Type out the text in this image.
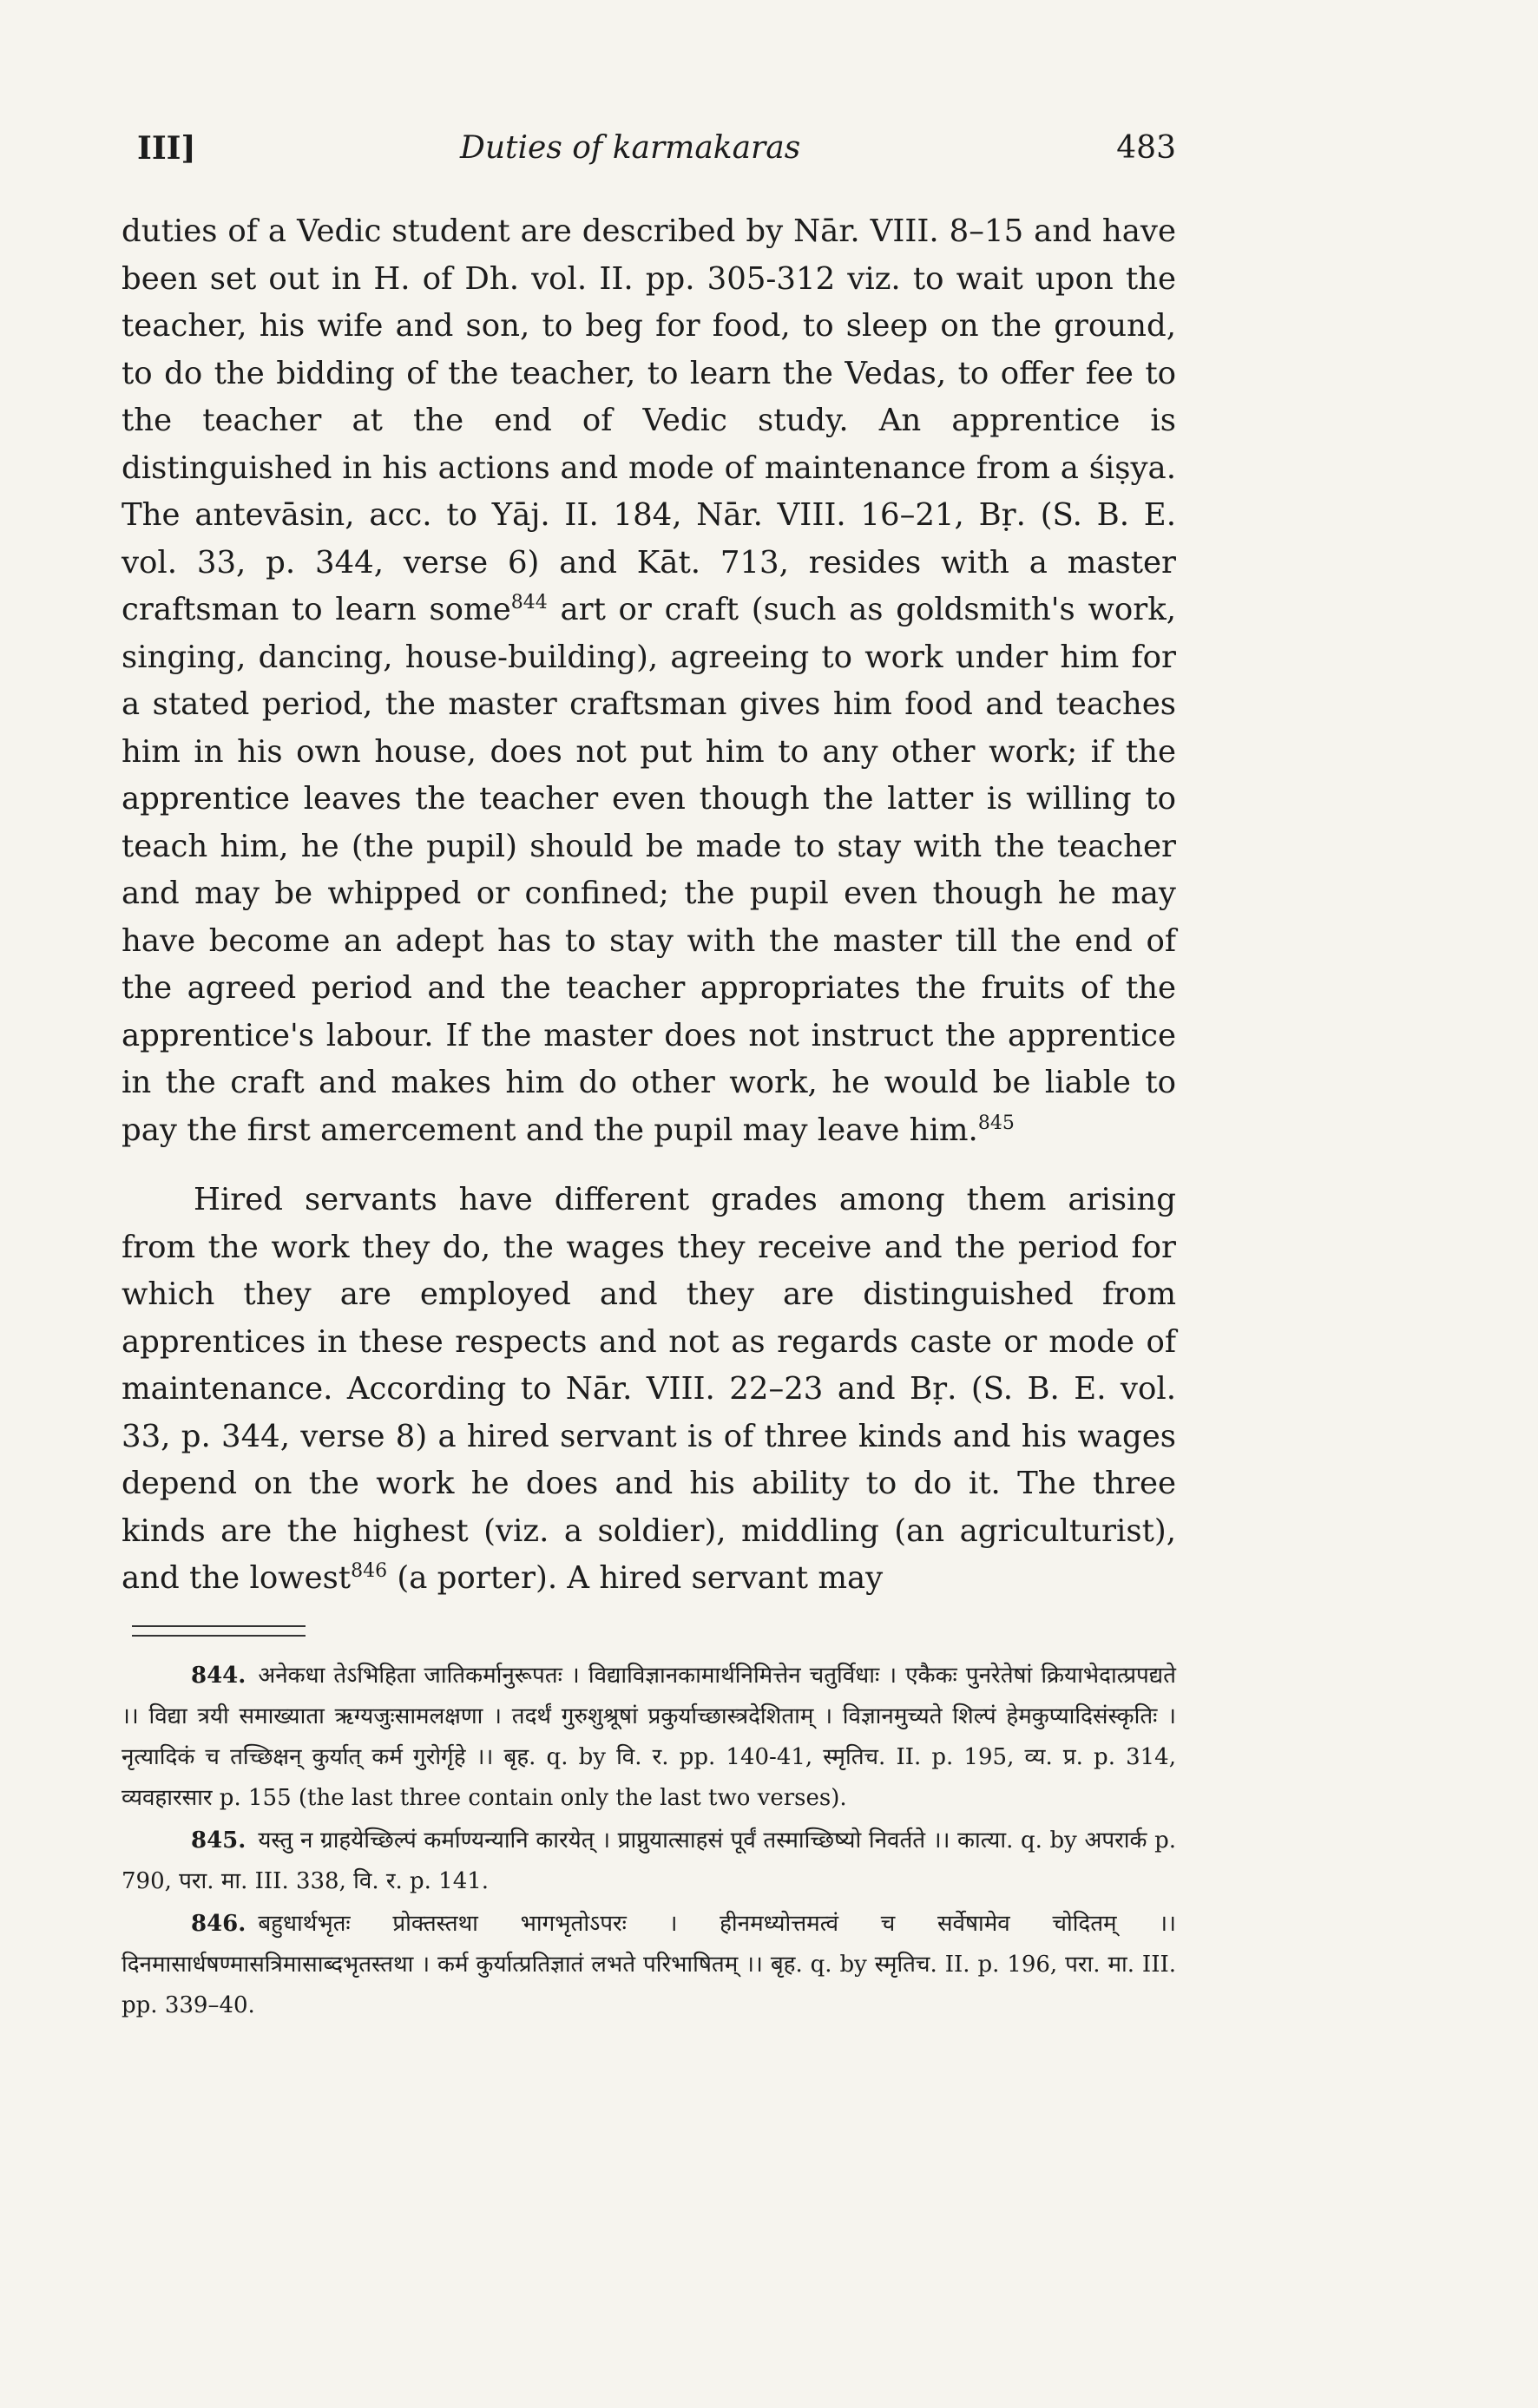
III]	Duties of karmakaras	483

duties of a Vedic student are described by Nār. VIII. 8–15 and have been set out in H. of Dh. vol. II. pp. 305-312 viz. to wait upon the teacher, his wife and son, to beg for food, to sleep on the ground, to do the bidding of the teacher, to learn the Vedas, to offer fee to the teacher at the end of Vedic study. An apprentice is distinguished in his actions and mode of maintenance from a śiṣya. The antevāsin, acc. to Yāj. II. 184, Nār. VIII. 16–21, Bṛ. (S. B. E. vol. 33, p. 344, verse 6) and Kāt. 713, resides with a master craftsman to learn some$^{844}$ art or craft (such as goldsmith's work, singing, dancing, house-building), agreeing to work under him for a stated period, the master craftsman gives him food and teaches him in his own house, does not put him to any other work; if the apprentice leaves the teacher even though the latter is willing to teach him, he (the pupil) should be made to stay with the teacher and may be whipped or confined; the pupil even though he may have become an adept has to stay with the master till the end of the agreed period and the teacher appropriates the fruits of the apprentice's labour. If the master does not instruct the apprentice in the craft and makes him do other work, he would be liable to pay the first amercement and the pupil may leave him.$^{845}$

Hired servants have different grades among them arising from the work they do, the wages they receive and the period for which they are employed and they are distinguished from apprentices in these respects and not as regards caste or mode of maintenance. According to Nār. VIII. 22–23 and Bṛ. (S. B. E. vol. 33, p. 344, verse 8) a hired servant is of three kinds and his wages depend on the work he does and his ability to do it. The three kinds are the highest (viz. a soldier), middling (an agriculturist), and the lowest$^{846}$ (a porter). A hired servant may

844. अनेकधा तेऽभिहिता जातिकर्मानुरूपतः । विद्याविज्ञानकामार्थनिमित्तेन चतुर्विधाः । एकैकः पुनरेतेषां क्रियाभेदात्प्रपद्यते ।। विद्या त्रयी समाख्याता ऋग्यजुःसामलक्षणा । तदर्थं गुरुशुश्रूषां प्रकुर्याच्छास्त्रदेशिताम् । विज्ञानमुच्यते शिल्पं हेमकुप्यादिसंस्कृतिः । नृत्यादिकं च तच्छिक्षन् कुर्यात् कर्म गुरोर्गृहे ।। बृह. q. by वि. र. pp. 140-41, स्मृतिच. II. p. 195, व्य. प्र. p. 314, व्यवहारसार p. 155 (the last three contain only the last two verses).

845. यस्तु न ग्राहयेच्छिल्पं कर्माण्यन्यानि कारयेत् । प्राप्नुयात्साहसं पूर्वं तस्माच्छिष्यो निवर्तते ।। कात्या. q. by अपरार्क p. 790, परा. मा. III. 338, वि. र. p. 141.

846. बहुधार्थभृतः प्रोक्तस्तथा भागभृतोऽपरः । हीनमध्योत्तमत्वं च सर्वेषामेव चोदितम् ।। दिनमासार्धषण्मासत्रिमासाब्दभृतस्तथा । कर्म कुर्यात्प्रतिज्ञातं लभते परिभाषितम् ।। बृह. q. by स्मृतिच. II. p. 196, परा. मा. III. pp. 339–40.
